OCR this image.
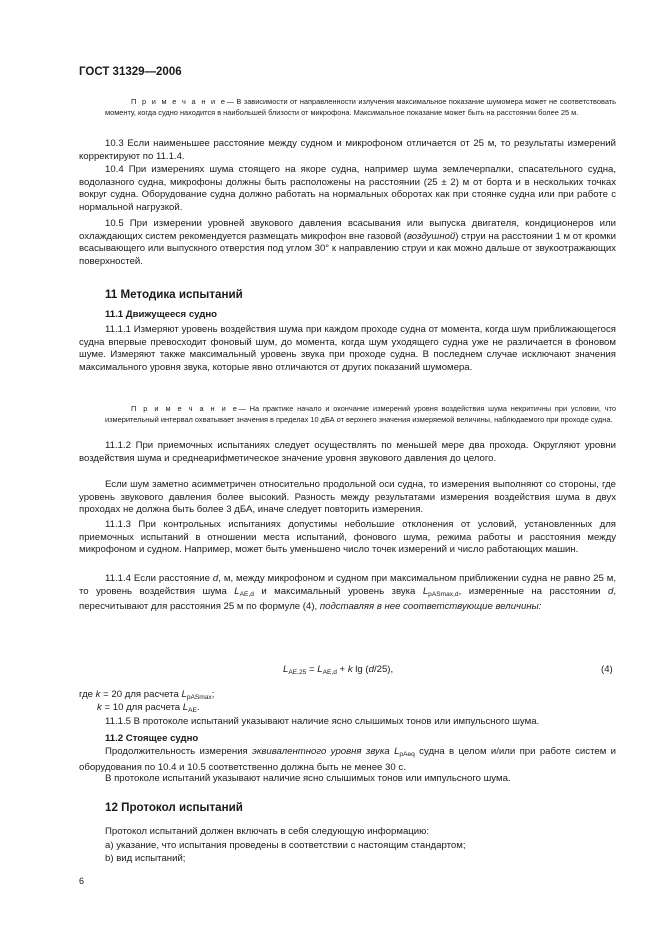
ГОСТ 31329—2006
П р и м е ч а н и е— В зависимости от направленности излучения максимальное показание шумомера может не соответствовать моменту, когда судно находится в наибольшей близости от микрофона. Максимальное показание может быть на расстоянии более 25 м.
10.3 Если наименьшее расстояние между судном и микрофоном отличается от 25 м, то результаты измерений корректируют по 11.1.4.
10.4 При измерениях шума стоящего на якоре судна, например шума землечерпалки, спасательного судна, водолазного судна, микрофоны должны быть расположены на расстоянии (25 ± 2) м от борта и в нескольких точках вокруг судна. Оборудование судна должно работать на нормальных оборотах как при стоянке судна или при работе с нормальной нагрузкой.
10.5 При измерении уровней звукового давления всасывания или выпуска двигателя, кондиционеров или охлаждающих систем рекомендуется размещать микрофон вне газовой (воздушной) струи на расстоянии 1 м от кромки всасывающего или выпускного отверстия под углом 30° к направлению струи и как можно дальше от звукоотражающих поверхностей.
11 Методика испытаний
11.1 Движущееся судно
11.1.1 Измеряют уровень воздействия шума при каждом проходе судна от момента, когда шум приближающегося судна впервые превосходит фоновый шум, до момента, когда шум уходящего судна уже не различается в фоновом шуме. Измеряют также максимальный уровень звука при проходе судна. В последнем случае исключают значения максимального уровня звука, которые явно отличаются от других показаний шумомера.
П р и м е ч а н и е— На практике начало и окончание измерений уровня воздействия шума некритичны при условии, что измерительный интервал охватывает значения в пределах 10 дБА от верхнего значения измеряемой величины, наблюдаемого при проходе судна.
11.1.2 При приемочных испытаниях следует осуществлять по меньшей мере два прохода. Округляют уровни воздействия шума и среднеарифметическое значение уровня звукового давления до целого.
Если шум заметно асимметричен относительно продольной оси судна, то измерения выполняют со стороны, где уровень звукового давления более высокий. Разность между результатами измерения воздействия шума в двух проходах не должна быть более 3 дБА, иначе следует повторить измерения.
11.1.3 При контрольных испытаниях допустимы небольшие отклонения от условий, установленных для приемочных испытаний в отношении места испытаний, фонового шума, режима работы и расстояния между микрофоном и судном. Например, может быть уменьшено число точек измерений и число работающих машин.
11.1.4 Если расстояние d, м, между микрофоном и судном при максимальном приближении судна не равно 25 м, то уровень воздействия шума $L_{AE,d}$ и максимальный уровень звука $L_{pASmax,d}$, измеренные на расстоянии d, пересчитывают для расстояния 25 м по формуле (4), подставляя в нее соответствующие величины:
$L_{AE,25} = L_{AE,d} + k$ lg (d/25),	(4)
где k = 20 для расчета $L_{pASmax}$;
k = 10 для расчета $L_{AE}$.
11.1.5 В протоколе испытаний указывают наличие ясно слышимых тонов или импульсного шума.
11.2 Стоящее судно
Продолжительность измерения эквивалентного уровня звука $L_{pAeq}$ судна в целом и/или при работе систем и оборудования по 10.4 и 10.5 соответственно должна быть не менее 30 с.
В протоколе испытаний указывают наличие ясно слышимых тонов или импульсного шума.
12 Протокол испытаний
Протокол испытаний должен включать в себя следующую информацию:
a) указание, что испытания проведены в соответствии с настоящим стандартом;
b) вид испытаний;
6
